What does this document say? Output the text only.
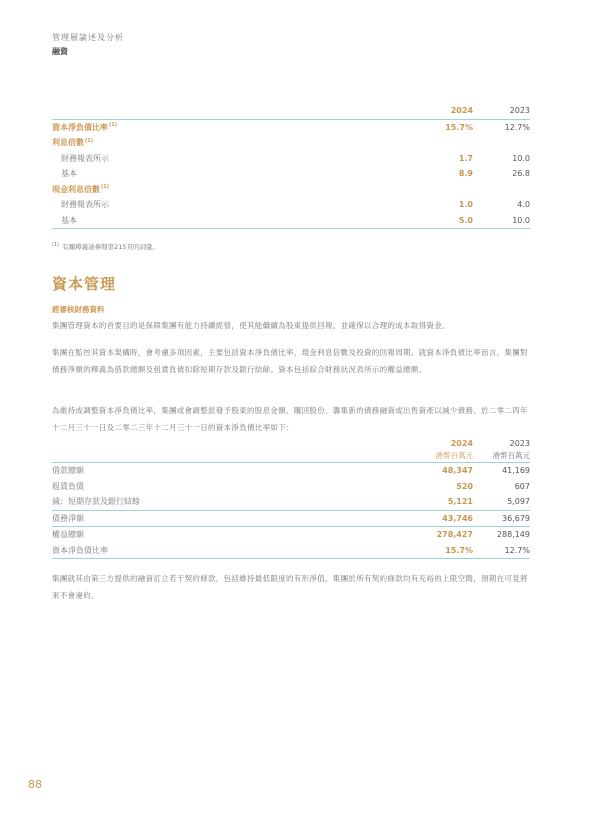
管理層論述及分析
融資
2024	2023
資本淨負債比率$^{(1)}$	15.7%	12.7%
利息倍數$^{(1)}$
財務報表所示	1.7	10.0
基本	8.9	26.8
現金利息倍數$^{(1)}$
財務報表所示	1.0	4.0
基本	5.0	10.0
$^{(1)}$ 有關釋義請參閱第215頁的詞彙。
資本管理
經審核財務資料
集團管理資本的首要目的是保障集團有能力持續經營，使其能繼續為股東提供回報，並確保以合理的成本取得資金。
集團在監控其資本架構時，會考慮多項因素，主要包括資本淨負債比率、現金利息倍數及投資的回報周期。就資本淨負債比率而言，集團對債務淨額的釋義為借款總額及租賃負債扣除短期存款及銀行結餘。資本包括綜合財務狀況表所示的權益總額。
為維持或調整資本淨負債比率，集團或會調整派發予股東的股息金額、購回股份、籌集新的債務融資或出售資產以減少債務。於二零二四年十二月三十一日及二零二三年十二月三十一日的資本淨負債比率如下：
2024	2023
港幣百萬元	港幣百萬元
借款總額	48,347	41,169
租賃負債	520	607
減：短期存款及銀行結餘	5,121	5,097
債務淨額	43,746	36,679
權益總額	278,427	288,149
資本淨負債比率	15.7%	12.7%
集團就其由第三方提供的融資訂立若干契約條款，包括維持最低限度的有形淨值。集團於所有契約條款均有充裕的上限空間，預期在可見將來不會違約。
88
